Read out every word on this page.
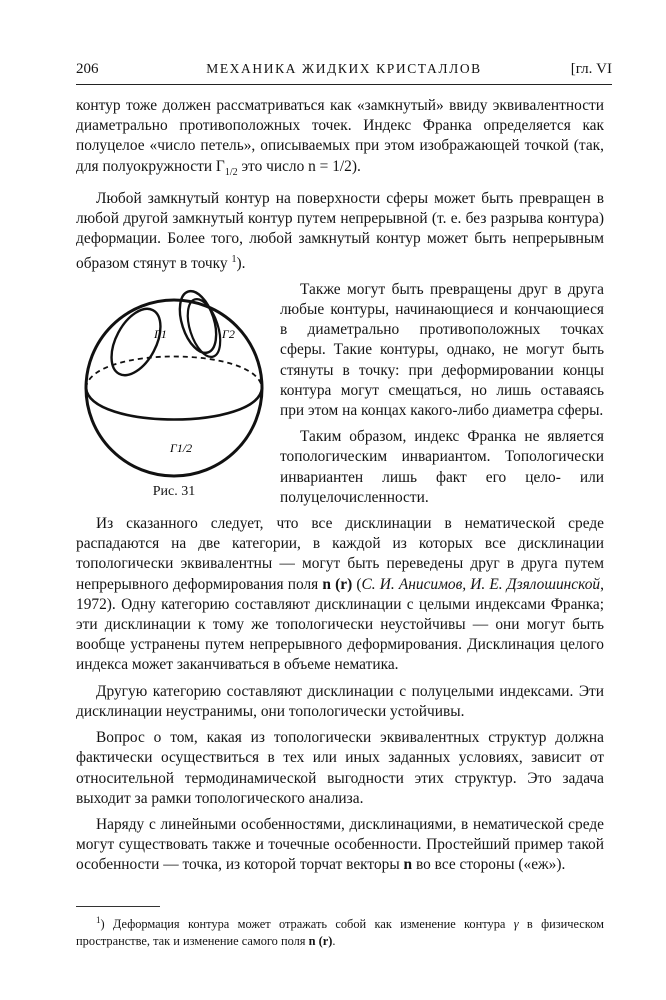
206	МЕХАНИКА ЖИДКИХ КРИСТАЛЛОВ	[гл. VI

контур тоже должен рассматриваться как «замкнутый» ввиду эквивалентности диаметрально противоположных точек. Индекс Франка определяется как полуцелое «число петель», описываемых при этом изображающей точкой (так, для полуокружности $\Gamma_{1/2}$ это число n = 1/2).

Любой замкнутый контур на поверхности сферы может быть превращен в любой другой замкнутый контур путем непрерывной (т. е. без разрыва контура) деформации. Более того, любой замкнутый контур может быть непрерывным образом стянут в точку $^1$).

Γ1	Γ2
Γ1/2
Рис. 31

Также могут быть превращены друг в друга любые контуры, начинающиеся и кончающиеся в диаметрально противоположных точках сферы. Такие контуры, однако, не могут быть стянуты в точку: при деформировании концы контура могут смещаться, но лишь оставаясь при этом на концах какого-либо диаметра сферы.

Таким образом, индекс Франка не является топологическим инвариантом. Топологически инвариантен лишь факт его цело- или полуцелочисленности.

Из сказанного следует, что все дисклинации в нематической среде распадаются на две категории, в каждой из которых все дисклинации топологически эквивалентны — могут быть переведены друг в друга путем непрерывного деформирования поля n (r) (С. И. Анисимов, И. Е. Дзялошинской, 1972). Одну категорию составляют дисклинации с целыми индексами Франка; эти дисклинации к тому же топологически неустойчивы — они могут быть вообще устранены путем непрерывного деформирования. Дисклинация целого индекса может заканчиваться в объеме нематика.

Другую категорию составляют дисклинации с полуцелыми индексами. Эти дисклинации неустранимы, они топологически устойчивы.

Вопрос о том, какая из топологически эквивалентных структур должна фактически осуществиться в тех или иных заданных условиях, зависит от относительной термодинамической выгодности этих структур. Это задача выходит за рамки топологического анализа.

Наряду с линейными особенностями, дисклинациями, в нематической среде могут существовать также и точечные особенности. Простейший пример такой особенности — точка, из которой торчат векторы n во все стороны («еж»).

$^1$) Деформация контура может отражать собой как изменение контура γ в физическом пространстве, так и изменение самого поля n (r).
